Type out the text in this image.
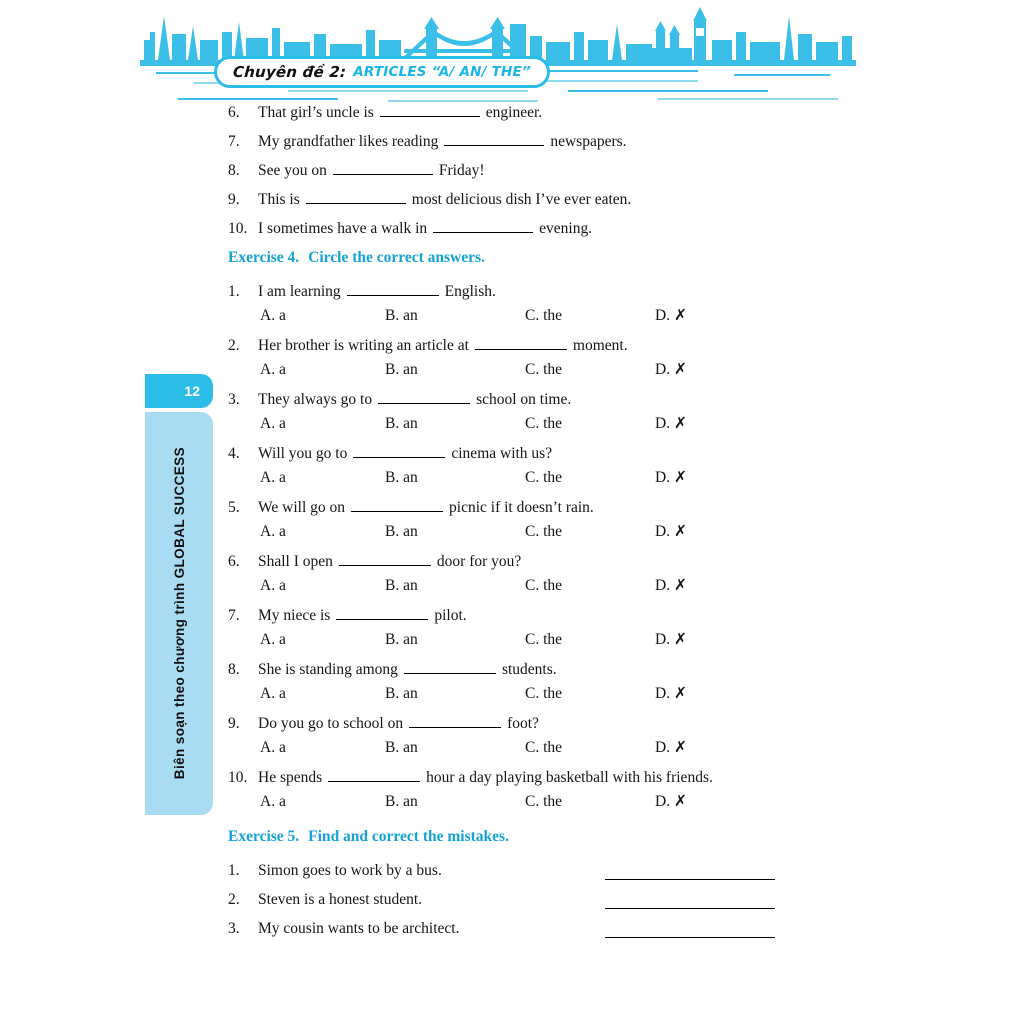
Chuyên đề 2: ARTICLES “A/ AN/ THE”
12
Biên soạn theo chương trình GLOBAL SUCCESS
6.	That girl’s uncle is	engineer.
7.	My grandfather likes reading	newspapers.
8.	See you on	Friday!
9.	This is	most delicious dish I’ve ever eaten.
10. I sometimes have a walk in	evening.
Exercise 4. Circle the correct answers.
1.	I am learning	English.
A. a	B. an	C. the	D. ✗
2.	Her brother is writing an article at	moment.
A. a	B. an	C. the	D. ✗
3.	They always go to	school on time.
A. a	B. an	C. the	D. ✗
4.	Will you go to	cinema with us?
A. a	B. an	C. the	D. ✗
5.	We will go on	picnic if it doesn’t rain.
A. a	B. an	C. the	D. ✗
6.	Shall I open	door for you?
A. a	B. an	C. the	D. ✗
7.	My niece is	pilot.
A. a	B. an	C. the	D. ✗
8.	She is standing among	students.
A. a	B. an	C. the	D. ✗
9.	Do you go to school on	foot?
A. a	B. an	C. the	D. ✗
10. He spends	hour a day playing basketball with his friends.
A. a	B. an	C. the	D. ✗
Exercise 5. Find and correct the mistakes.
1.	Simon goes to work by a bus.
2.	Steven is a honest student.
3.	My cousin wants to be architect.
